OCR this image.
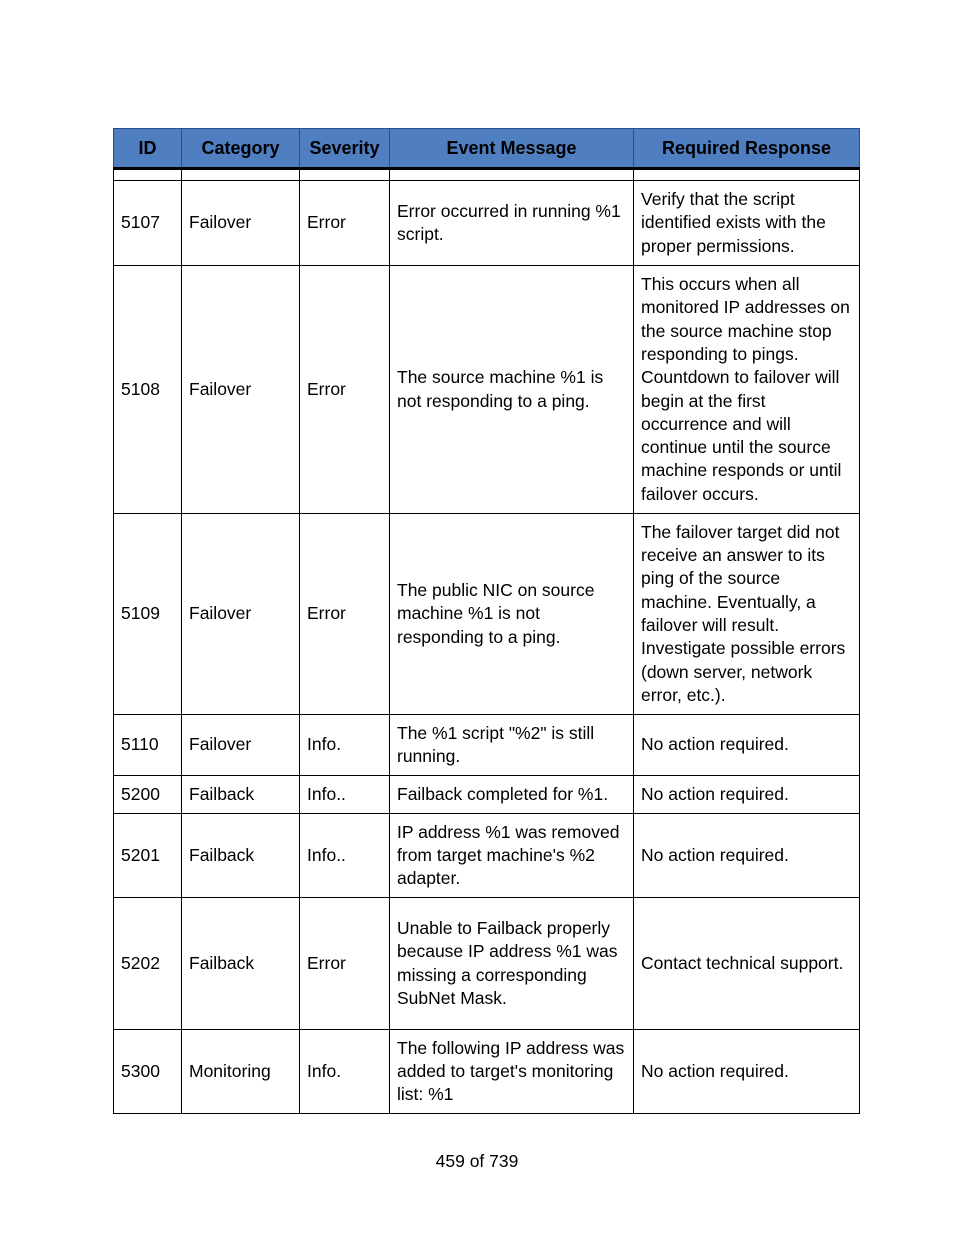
ID	Category	Severity	Event Message	Required Response

5107	Failover	Error	Error occurred in running %1 script.	Verify that the script identified exists with the proper permissions.
5108	Failover	Error	The source machine %1 is not responding to a ping.	This occurs when all monitored IP addresses on the source machine stop responding to pings. Countdown to failover will begin at the first occurrence and will continue until the source machine responds or until failover occurs.
5109	Failover	Error	The public NIC on source machine %1 is not responding to a ping.	The failover target did not receive an answer to its ping of the source machine. Eventually, a failover will result. Investigate possible errors (down server, network error, etc.).
5110	Failover	Info.	The %1 script "%2" is still running.	No action required.
5200	Failback	Info..	Failback completed for %1.	No action required.
5201	Failback	Info..	IP address %1 was removed from target machine's %2 adapter.	No action required.
5202	Failback	Error	Unable to Failback properly because IP address %1 was missing a corresponding SubNet Mask.	Contact technical support.
5300	Monitoring	Info.	The following IP address was added to target's monitoring list: %1	No action required.
459 of 739
